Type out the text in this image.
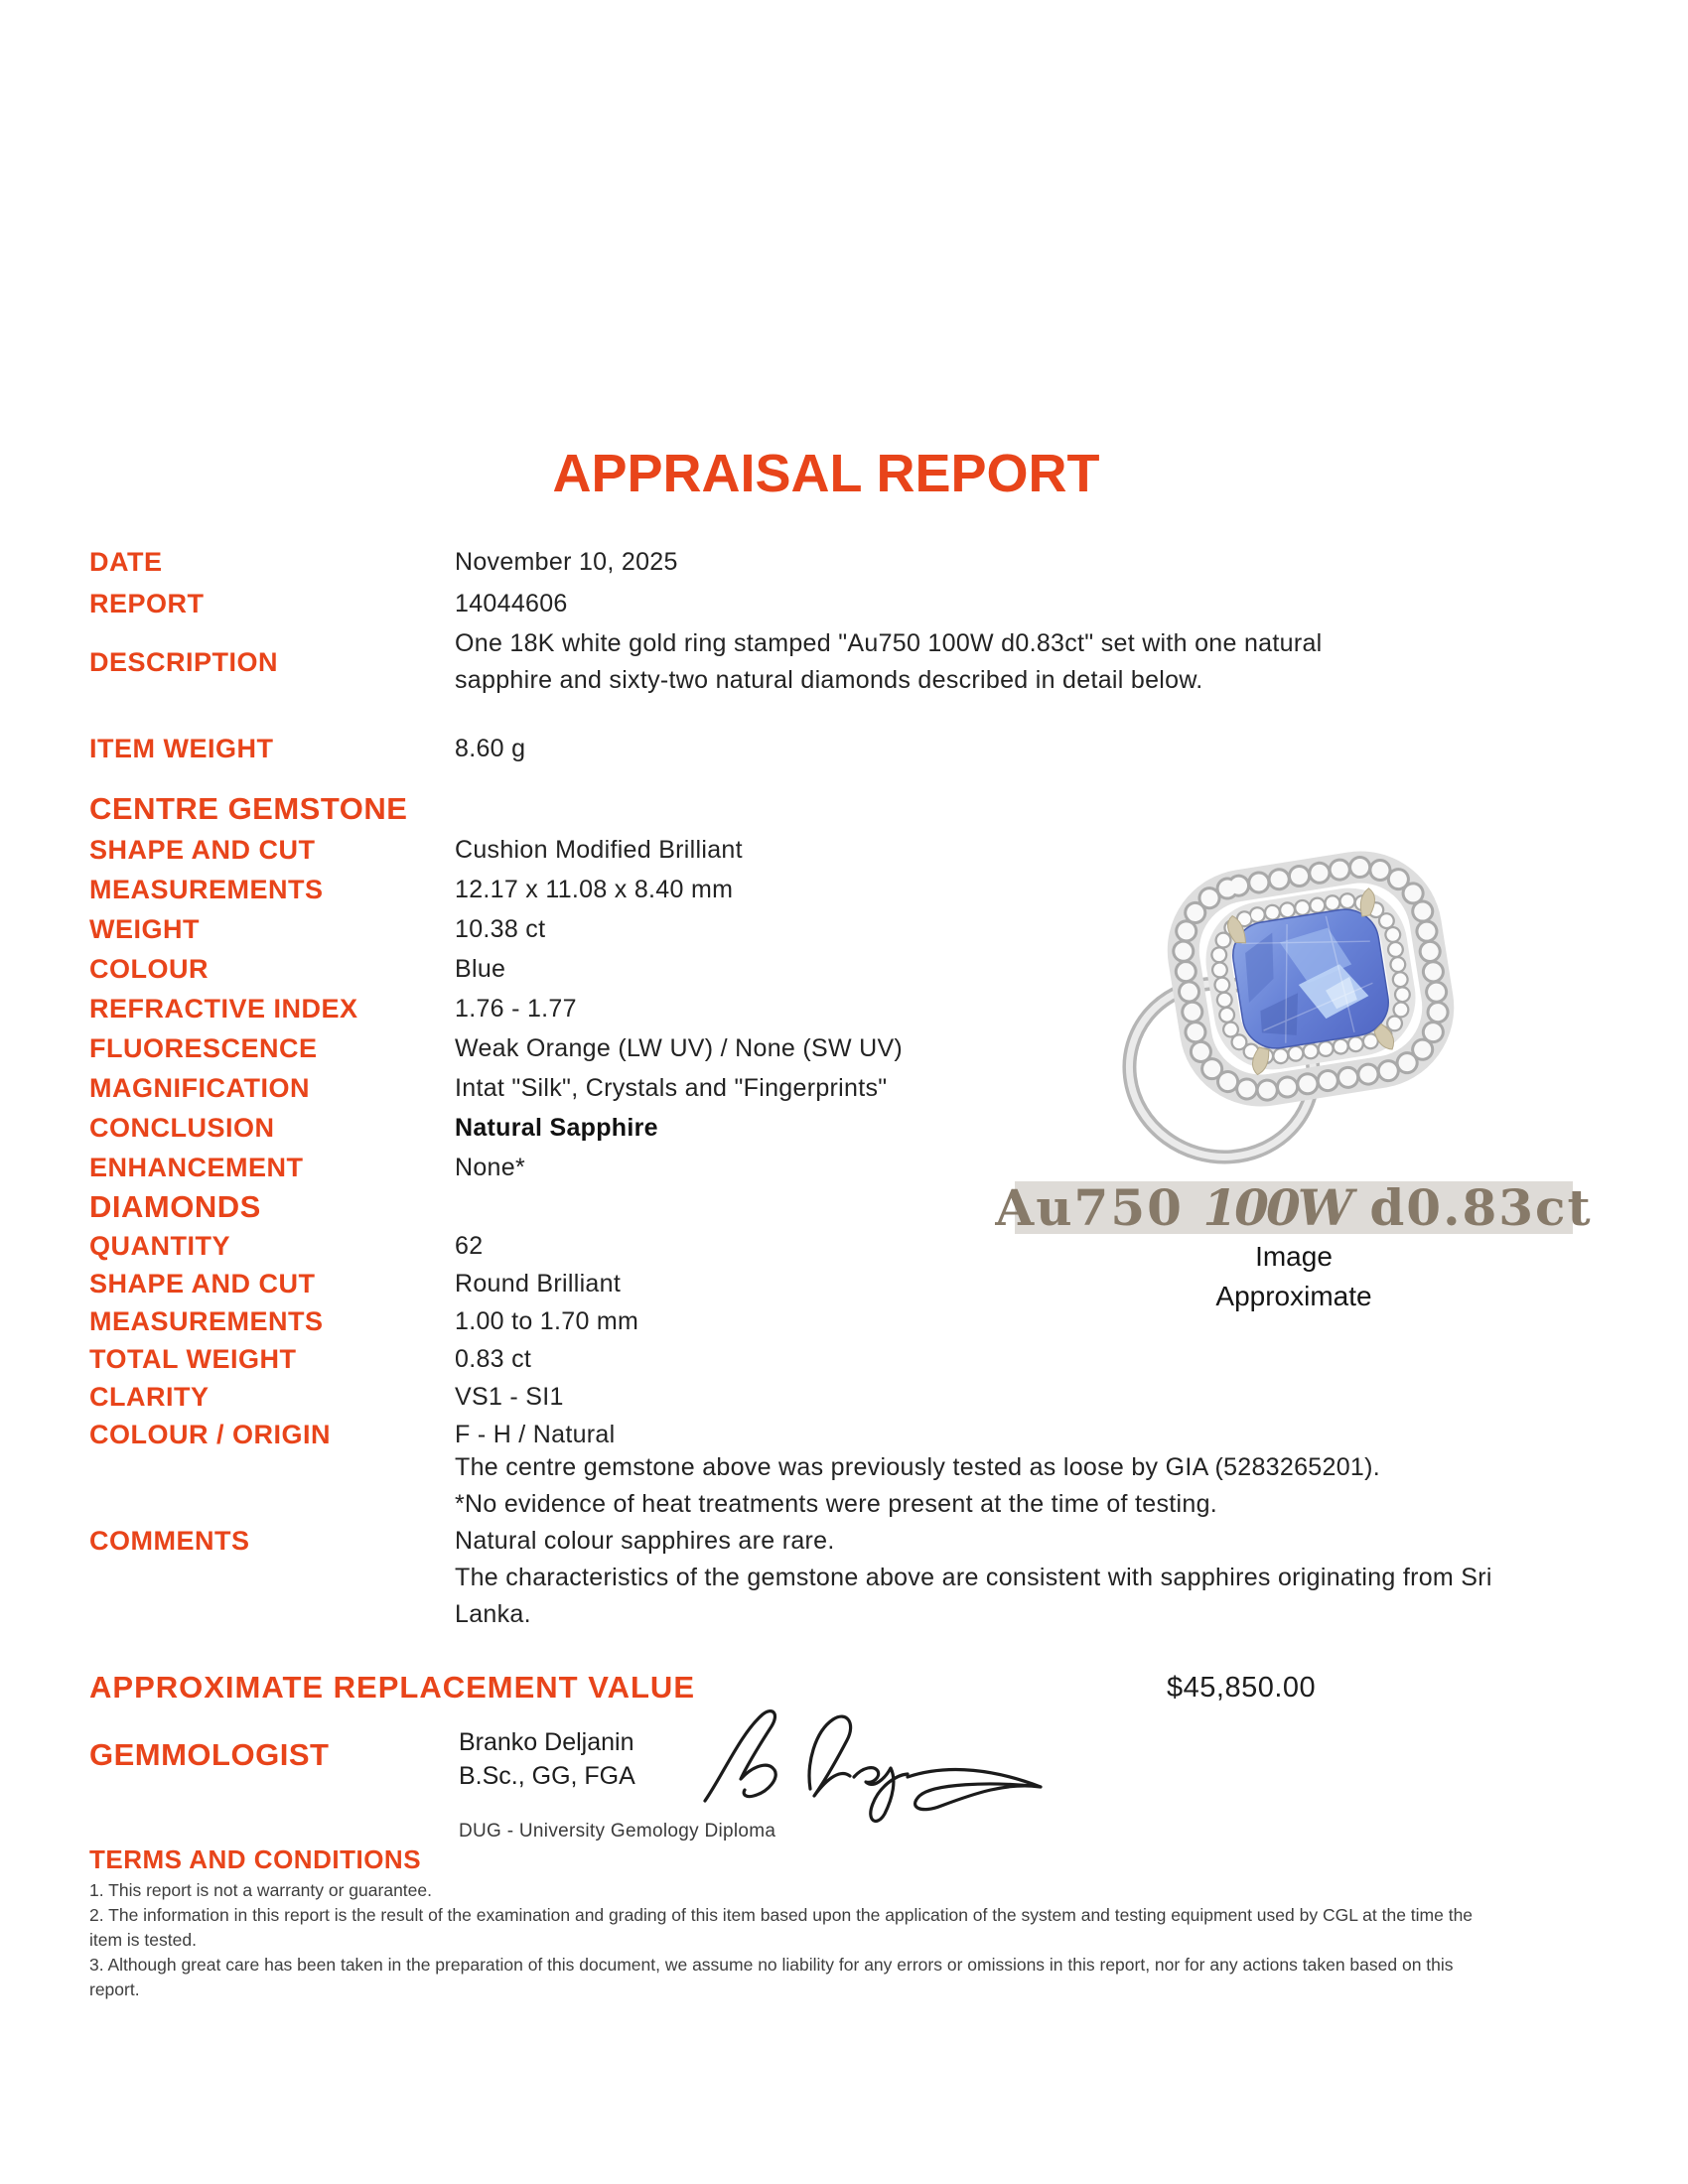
APPRAISAL REPORT
DATE	November 10, 2025
REPORT	14044606
DESCRIPTION
One 18K white gold ring stamped "Au750 100W d0.83ct" set with one natural sapphire and sixty-two natural diamonds described in detail below.
ITEM WEIGHT	8.60 g
CENTRE GEMSTONE
SHAPE AND CUT	Cushion Modified Brilliant
MEASUREMENTS	12.17 x 11.08 x 8.40 mm
WEIGHT	10.38 ct
COLOUR	Blue
REFRACTIVE INDEX	1.76 - 1.77
FLUORESCENCE	Weak Orange (LW UV) / None (SW UV)
MAGNIFICATION	Intat "Silk", Crystals and "Fingerprints"
CONCLUSION	Natural Sapphire
ENHANCEMENT	None*
DIAMONDS
QUANTITY	62
SHAPE AND CUT	Round Brilliant
MEASUREMENTS	1.00 to 1.70 mm
TOTAL WEIGHT	0.83 ct
CLARITY	VS1 - SI1
COLOUR / ORIGIN	F - H / Natural
COMMENTS
The centre gemstone above was previously tested as loose by GIA (5283265201).
*No evidence of heat treatments were present at the time of testing.
Natural colour sapphires are rare.
The characteristics of the gemstone above are consistent with sapphires originating from Sri Lanka.
APPROXIMATE REPLACEMENT VALUE	$45,850.00
GEMMOLOGIST	Branko Deljanin
B.Sc., GG, FGA
DUG - University Gemology Diploma
TERMS AND CONDITIONS

1. This report is not a warranty or guarantee.

2. The information in this report is the result of the examination and grading of this item based upon the application of the system and testing equipment used by CGL at the time the item is tested.

3. Although great care has been taken in the preparation of this document, we assume no liability for any errors or omissions in this report, nor for any actions taken based on this report.

Au750
100W
d0.83ct
Image
Approximate
